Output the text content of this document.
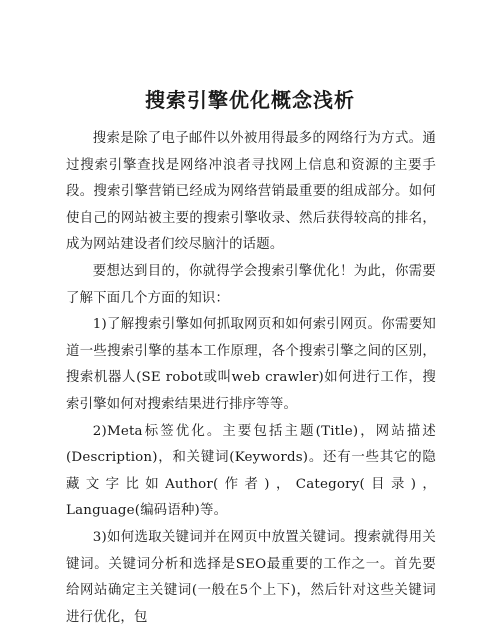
搜索引擎优化概念浅析

搜索是除了电子邮件以外被用得最多的网络行为方式。通过搜索引擎查找是网络冲浪者寻找网上信息和资源的主要手段。搜索引擎营销已经成为网络营销最重要的组成部分。如何使自己的网站被主要的搜索引擎收录、然后获得较高的排名，成为网站建设者们绞尽脑汁的话题。

要想达到目的，你就得学会搜索引擎优化！为此，你需要了解下面几个方面的知识：

1)了解搜索引擎如何抓取网页和如何索引网页。你需要知道一些搜索引擎的基本工作原理，各个搜索引擎之间的区别，搜索机器人(SE robot或叫web crawler)如何进行工作，搜索引擎如何对搜索结果进行排序等等。

2)Meta标签优化。主要包括主题(Title)，网站描述(Description)，和关键词(Keywords)。还有一些其它的隐藏文字比如Author(作者)，Category(目录)，Language(编码语种)等。

3)如何选取关键词并在网页中放置关键词。搜索就得用关键词。关键词分析和选择是SEO最重要的工作之一。首先要给网站确定主关键词(一般在5个上下)，然后针对这些关键词进行优化，包
